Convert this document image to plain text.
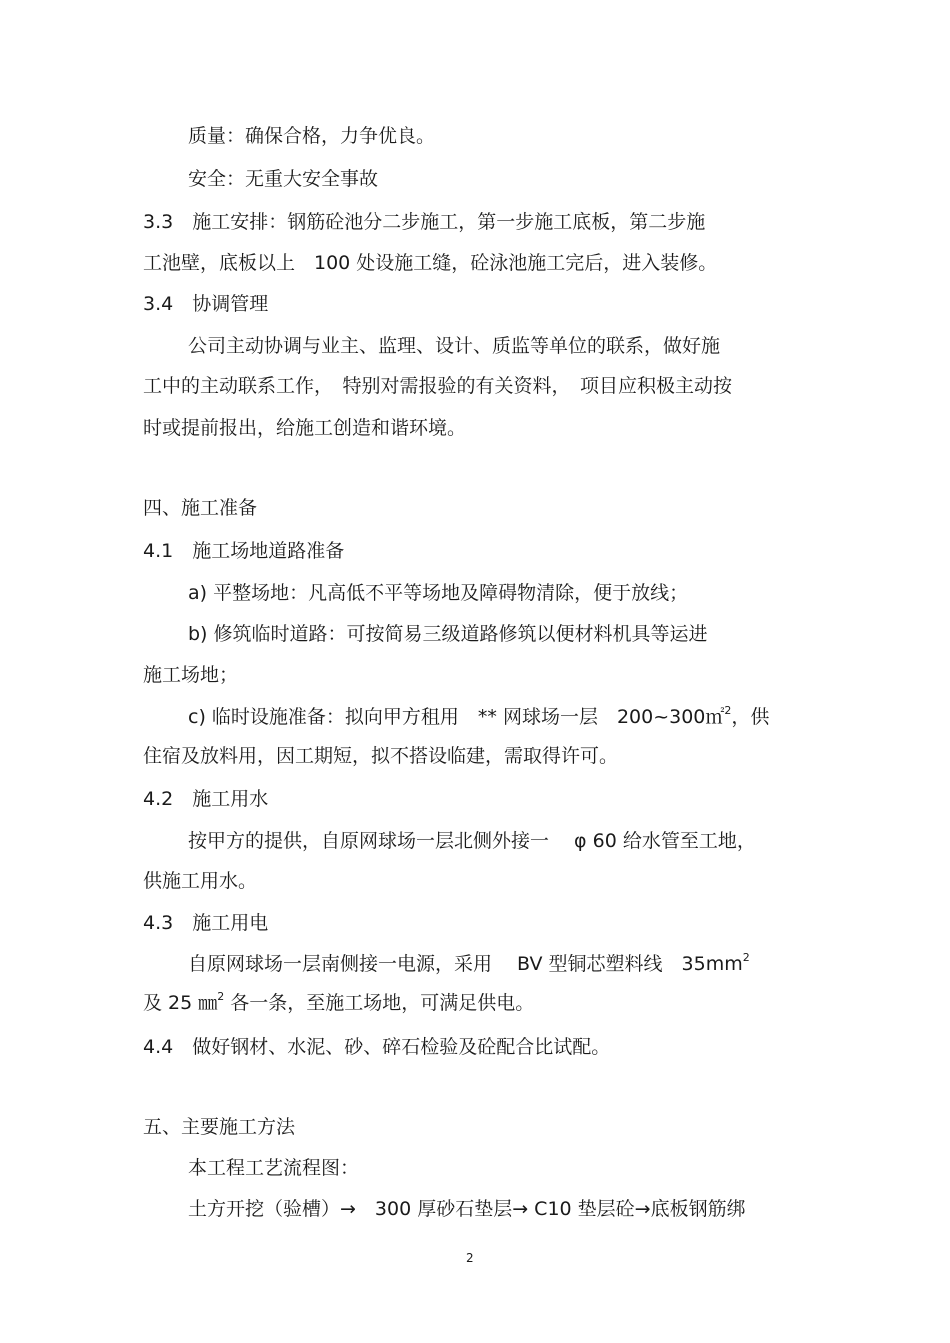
质量：确保合格，力争优良。
安全：无重大安全事故
3.3　施工安排：钢筋砼池分二步施工，第一步施工底板，第二步施
工池壁，底板以上　100 处设施工缝，砼泳池施工完后，进入装修。
3.4　协调管理
公司主动协调与业主、监理、设计、质监等单位的联系，做好施
工中的主动联系工作，　特别对需报验的有关资料，　项目应积极主动按
时或提前报出，给施工创造和谐环境。
四、施工准备
4.1　施工场地道路准备
a) 平整场地：凡高低不平等场地及障碍物清除，便于放线；
b) 修筑临时道路：可按简易三级道路修筑以便材料机具等运进
施工场地；
c) 临时设施准备：拟向甲方租用　** 网球场一层　200~300㎡$^2$，供
住宿及放料用，因工期短，拟不搭设临建，需取得许可。
4.2　施工用水
按甲方的提供，自原网球场一层北侧外接一　 φ 60 给水管至工地，
供施工用水。
4.3　施工用电
自原网球场一层南侧接一电源，采用　 BV 型铜芯塑料线　$35mm^2$
及 25 ㎜$^2$ 各一条，至施工场地，可满足供电。
4.4　做好钢材、水泥、砂、碎石检验及砼配合比试配。
五、主要施工方法
本工程工艺流程图：
土方开挖（验槽）→　300 厚砂石垫层→ C10 垫层砼→底板钢筋绑
2
